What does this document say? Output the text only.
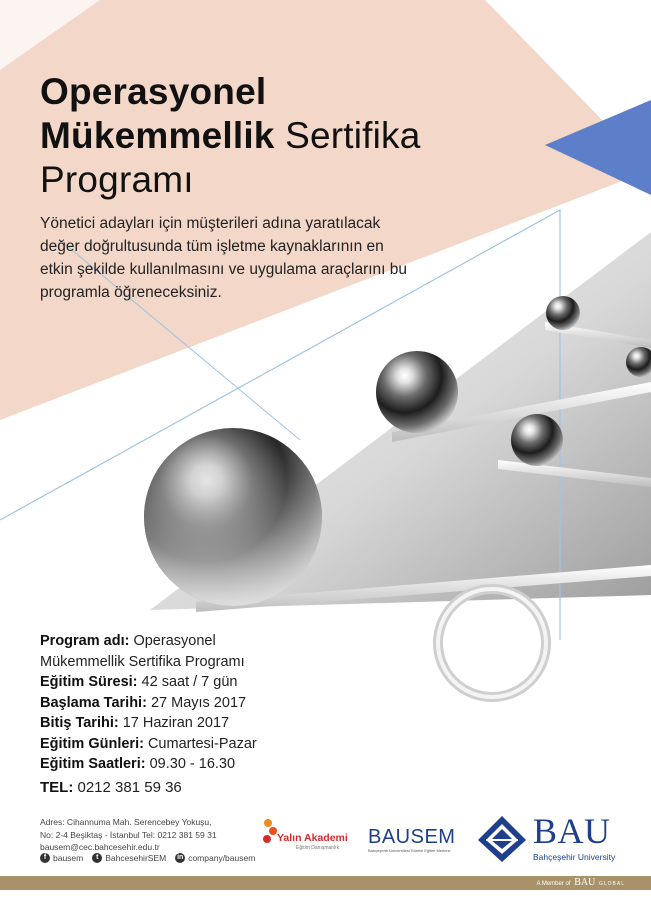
Operasyonel
Mükemmellik Sertifika
Programı

Yönetici adayları için müşterileri adına yaratılacak değer doğrultusunda tüm işletme kaynaklarının en etkin şekilde kullanılmasını ve uygulama araçlarını bu programla öğreneceksiniz.

Program adı: Operasyonel

Mükemmellik Sertifika Programı

Eğitim Süresi: 42 saat / 7 gün

Başlama Tarihi: 27 Mayıs 2017

Bitiş Tarihi: 17 Haziran 2017

Eğitim Günleri: Cumartesi-Pazar

Eğitim Saatleri: 09.30 - 16.30

TEL: 0212 381 59 36
Adres: Cihannuma Mah. Serencebey Yokuşu,
No: 2-4 Beşiktaş - İstanbul Tel: 0212 381 59 31
bausem@cec.bahcesehir.edu.tr
f bausem	t BahcesehirSEM in company/bausem
Yalın Akademi
Eğitim Danışmanlık BAUSEM
Bahçeşehir Üniversitesi Sürekli Eğitim Merkezi	BAU
Bahçeşehir University
A Member of BAU GLOBAL
